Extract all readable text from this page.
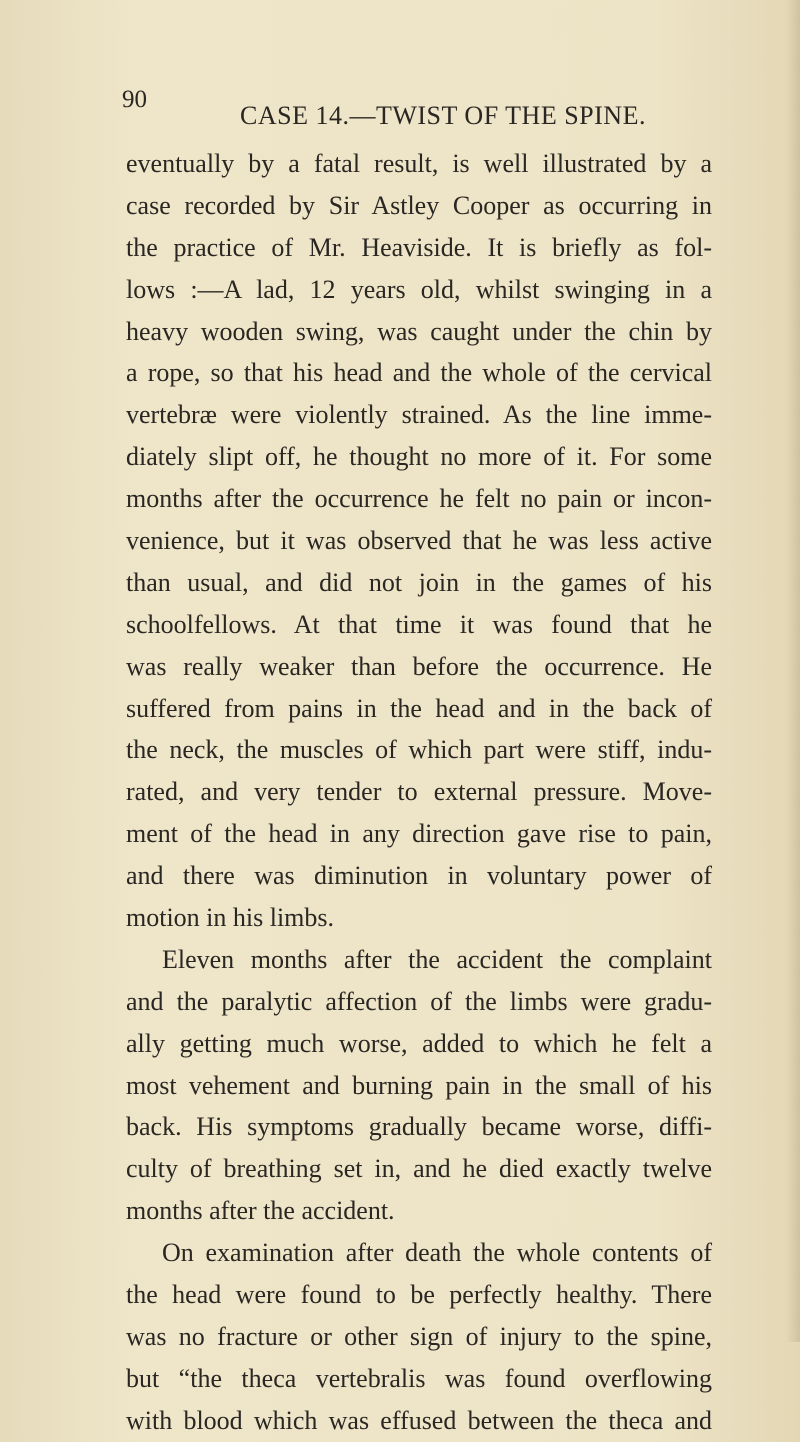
90
CASE 14.—TWIST OF THE SPINE.
eventually by a fatal result, is well illustrated by a
case recorded by Sir Astley Cooper as occurring in
the practice of Mr. Heaviside. It is briefly as fol-
lows :—A lad, 12 years old, whilst swinging in a
heavy wooden swing, was caught under the chin by
a rope, so that his head and the whole of the cervical
vertebræ were violently strained. As the line imme-
diately slipt off, he thought no more of it. For some
months after the occurrence he felt no pain or incon-
venience, but it was observed that he was less active
than usual, and did not join in the games of his
schoolfellows. At that time it was found that he
was really weaker than before the occurrence. He
suffered from pains in the head and in the back of
the neck, the muscles of which part were stiff, indu-
rated, and very tender to external pressure. Move-
ment of the head in any direction gave rise to pain,
and there was diminution in voluntary power of
motion in his limbs.
Eleven months after the accident the complaint
and the paralytic affection of the limbs were gradu-
ally getting much worse, added to which he felt a
most vehement and burning pain in the small of his
back. His symptoms gradually became worse, diffi-
culty of breathing set in, and he died exactly twelve
months after the accident.
On examination after death the whole contents of
the head were found to be perfectly healthy. There
was no fracture or other sign of injury to the spine,
but “the theca vertebralis was found overflowing
with blood which was effused between the theca and
